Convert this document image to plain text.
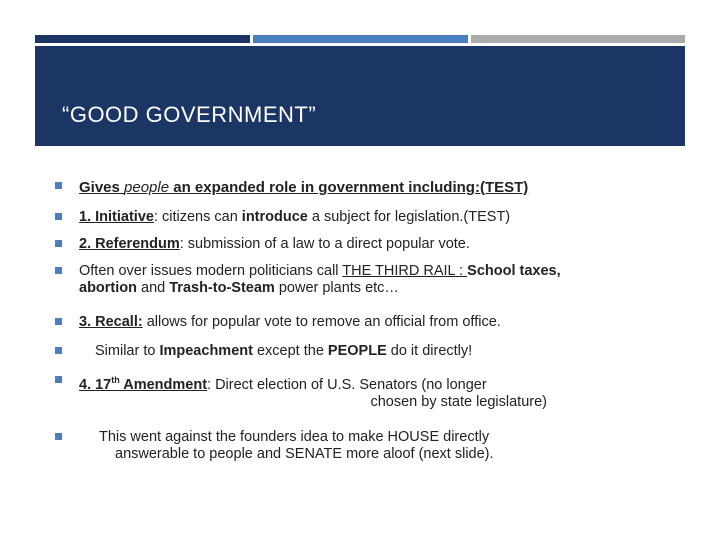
“GOOD GOVERNMENT”
Gives people an expanded role in government including:(TEST)
1. Initiative: citizens can introduce a subject for legislation.(TEST)
2. Referendum: submission of a law to a direct popular vote.
Often over issues modern politicians call THE THIRD RAIL : School taxes, abortion and Trash-to-Steam power plants etc…
3. Recall: allows for popular vote to remove an official from office.
Similar to Impeachment except the PEOPLE do it directly!
4. 17th Amendment: Direct election of U.S. Senators (no longer

chosen by state legislature)
This went against the founders idea to make HOUSE directly
answerable to people and SENATE more aloof (next slide).
